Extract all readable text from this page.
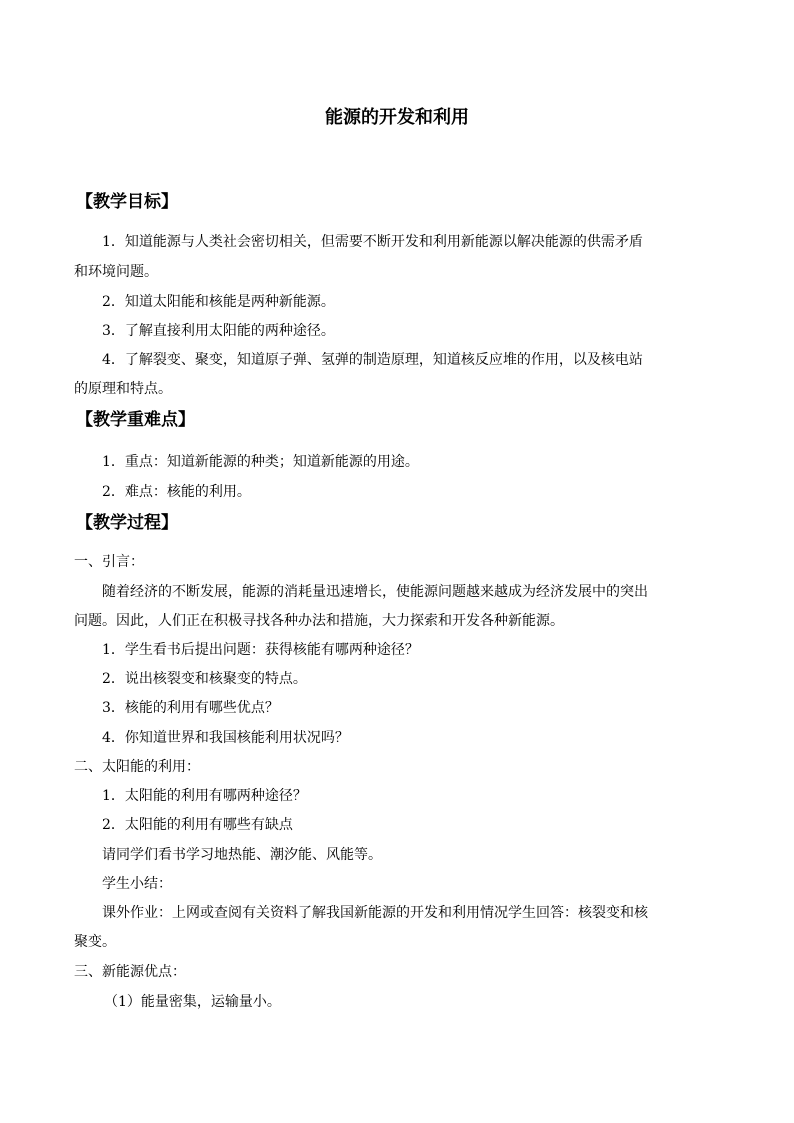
能源的开发和利用
【教学目标】
1．知道能源与人类社会密切相关，但需要不断开发和利用新能源以解决能源的供需矛盾
和环境问题。
2．知道太阳能和核能是两种新能源。
3．了解直接利用太阳能的两种途径。
4．了解裂变、聚变，知道原子弹、氢弹的制造原理，知道核反应堆的作用，以及核电站
的原理和特点。
【教学重难点】
1．重点：知道新能源的种类；知道新能源的用途。
2．难点：核能的利用。
【教学过程】
一、引言：
随着经济的不断发展，能源的消耗量迅速增长，使能源问题越来越成为经济发展中的突出
问题。因此，人们正在积极寻找各种办法和措施，大力探索和开发各种新能源。
1．学生看书后提出问题：获得核能有哪两种途径？
2．说出核裂变和核聚变的特点。
3．核能的利用有哪些优点？
4．你知道世界和我国核能利用状况吗？
二、太阳能的利用：
1．太阳能的利用有哪两种途径？
2．太阳能的利用有哪些有缺点
请同学们看书学习地热能、潮汐能、风能等。
学生小结：
课外作业：上网或查阅有关资料了解我国新能源的开发和利用情况学生回答：核裂变和核
聚变。
三、新能源优点：
（1）能量密集，运输量小。
